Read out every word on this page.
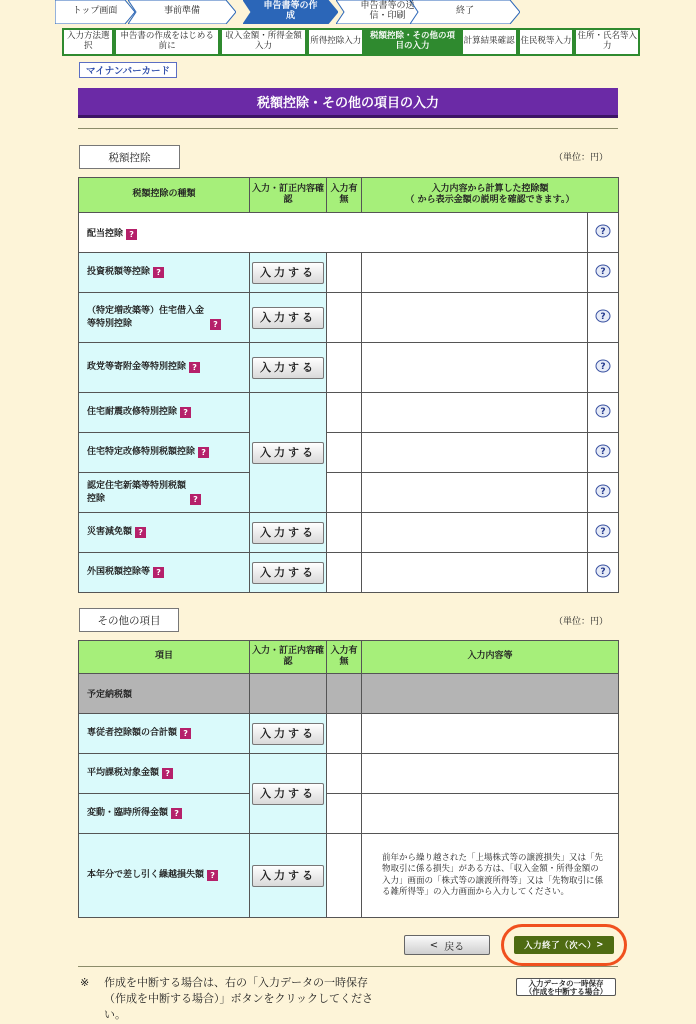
トップ画面	事前準備	申告書等の作成
申告書等の送信・印刷	終了
入力方法選択
申告書の作成をはじめる前に
収入金額・所得金額入力	所得控除入力	税額控除・その他の項目の入力	計算結果確認 住民税等入力 住所・氏名等入力
マイナンバーカード
税額控除・その他の項目の入力
税額控除	（単位：円）
税額控除の種類	入力・訂正内容確認	入力有無	入力内容から計算した控除額
（ から表示金額の説明を確認できます。）	

配当控除 ?				?

投資税額等控除 ?	入力する			?

（特定増改築等）住宅借入金等特別控除 ?	入力する			?

政党等寄附金等特別控除 ?	入力する			?

住宅耐震改修特別控除 ?	入力する			?

住宅特定改修特別税額控除 ?				?

認定住宅新築等特別税額控除 ?				?

災害減免額 ?	入力する			?

外国税額控除等 ?	入力する			?
その他の項目	（単位：円）
項目	入力・訂正内容確認	入力有無	入力内容等
予定納税額			
専従者控除額の合計額 ?	入力する		
平均課税対象金額 ?	入力する		
変動・臨時所得金額 ?			
本年分で差し引く繰越損失額 ?	入力する		前年から繰り越された「上場株式等の譲渡損失」又は「先物取引に係る損失」がある方は、「収入金額・所得金額の入力」画面の「株式等の譲渡所得等」又は「先物取引に係る雑所得等」の入力画面から入力してください。
< 戻る	入力終了（次へ） >
※	作成を中断する場合は、右の「入力データの一時保存（作成を中断する場合）」ボタンをクリックしてください。
入力データの一時保存
（作成を中断する場合）
